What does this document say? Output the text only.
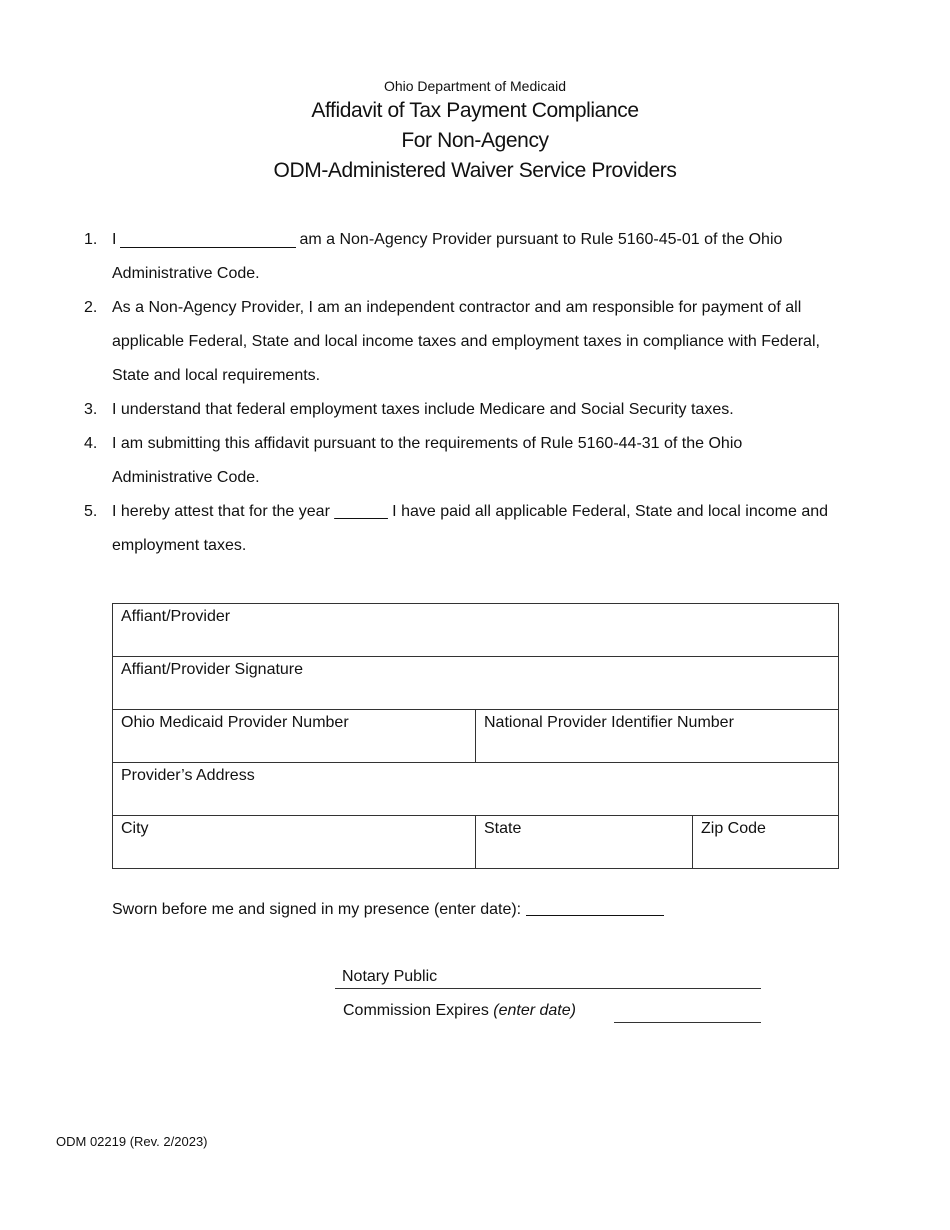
Ohio Department of Medicaid
Affidavit of Tax Payment Compliance
For Non-Agency
ODM-Administered Waiver Service Providers
1. I	am a Non-Agency Provider pursuant to Rule 5160-45-01 of the Ohio Administrative Code.
2. As a Non-Agency Provider, I am an independent contractor and am responsible for payment of all applicable Federal, State and local income taxes and employment taxes in compliance with Federal, State and local requirements.
3. I understand that federal employment taxes include Medicare and Social Security taxes.
4. I am submitting this affidavit pursuant to the requirements of Rule 5160-44-31 of the Ohio Administrative Code.
5. I hereby attest that for the year ______ I have paid all applicable Federal, State and local income and employment taxes.
Affiant/Provider		
Affiant/Provider Signature		
Ohio Medicaid Provider Number	National Provider Identifier Number	
Provider’s Address		
City	State	Zip Code
Sworn before me and signed in my presence (enter date):
Notary Public
Commission Expires (enter date)
ODM 02219 (Rev. 2/2023)
